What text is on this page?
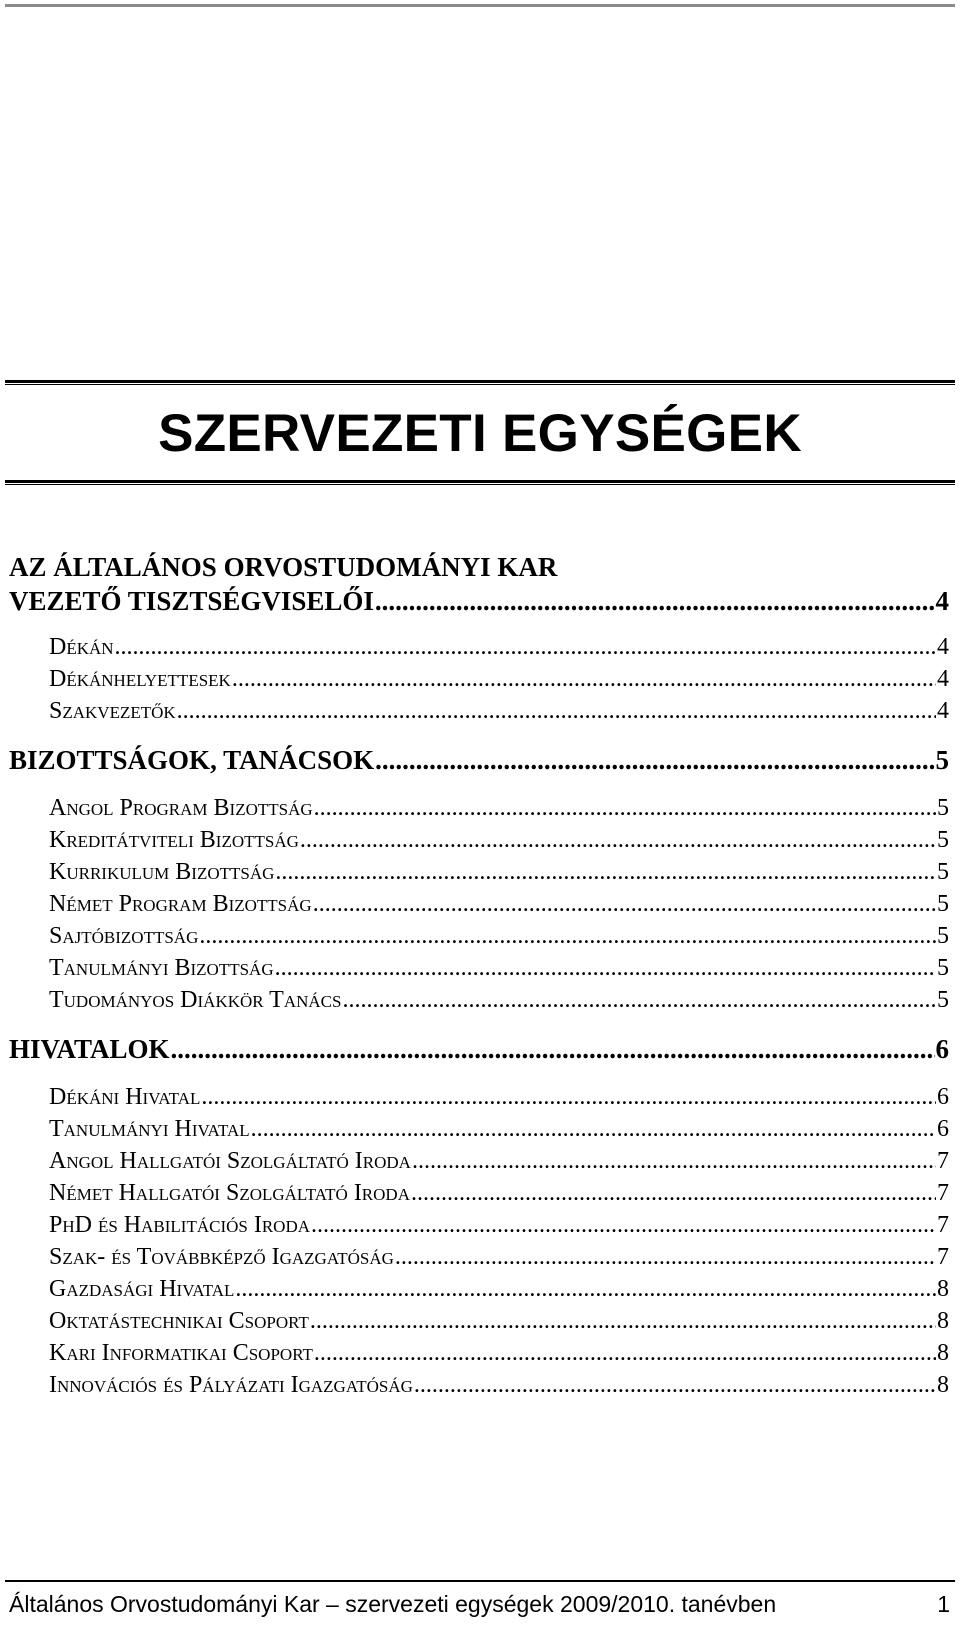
SZERVEZETI EGYSÉGEK
AZ ÁLTALÁNOS ORVOSTUDOMÁNYI KAR
VEZETŐ TISZTSÉGVISELŐI .....	4
Dékán .....	4
Dékánhelyettesek .....	4
Szakvezetők .....	4
BIZOTTSÁGOK, TANÁCSOK .....	5
Angol Program Bizottság .....	5
Kreditátviteli Bizottság .....	5
Kurrikulum Bizottság .....	5
Német Program Bizottság .....	5
Sajtóbizottság .....	5
Tanulmányi Bizottság .....	5
Tudományos Diákkör Tanács .....	5
HIVATALOK .....	6
Dékáni Hivatal .....	6
Tanulmányi Hivatal .....	6
Angol Hallgatói Szolgáltató Iroda .....	7
Német Hallgatói Szolgáltató Iroda .....	7
PhD és Habilitációs Iroda .....	7
Szak- és Továbbképző Igazgatóság .....	7
Gazdasági Hivatal .....	8
Oktatástechnikai Csoport .....	8
Kari Informatikai Csoport .....	8
Innovációs és Pályázati Igazgatóság .....	8
Általános Orvostudományi Kar – szervezeti egységek 2009/2010. tanévben	1
